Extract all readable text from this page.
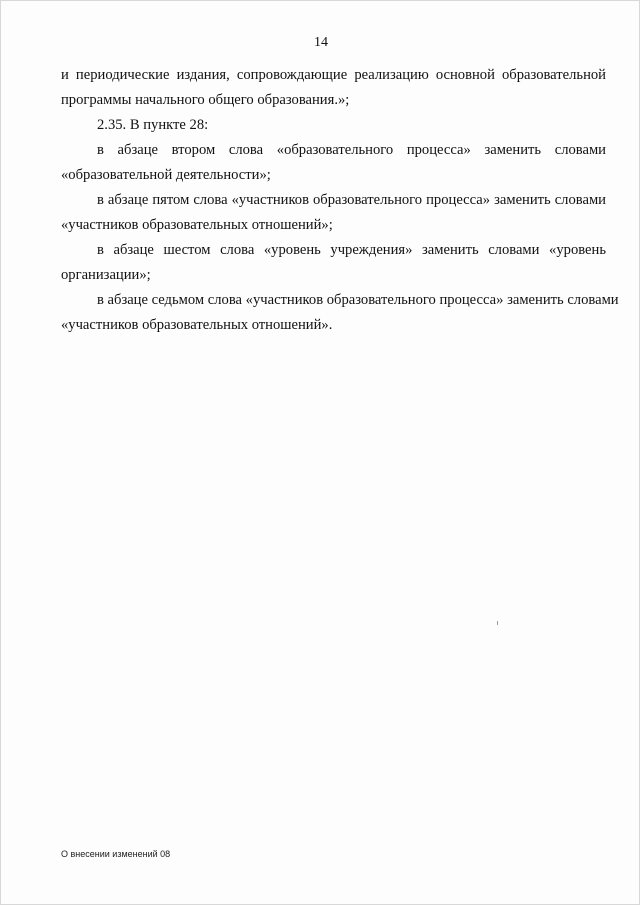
14
и периодические издания, сопровождающие реализацию основной образовательной
программы начального общего образования.»;
2.35. В пункте 28:
в абзаце втором слова «образовательного процесса» заменить словами
«образовательной деятельности»;
в абзаце пятом слова «участников образовательного процесса» заменить словами
«участников образовательных отношений»;
в абзаце шестом слова «уровень учреждения» заменить словами «уровень
организации»;
в абзаце седьмом слова «участников образовательного процесса» заменить словами
«участников образовательных отношений».
О внесении изменений 08
